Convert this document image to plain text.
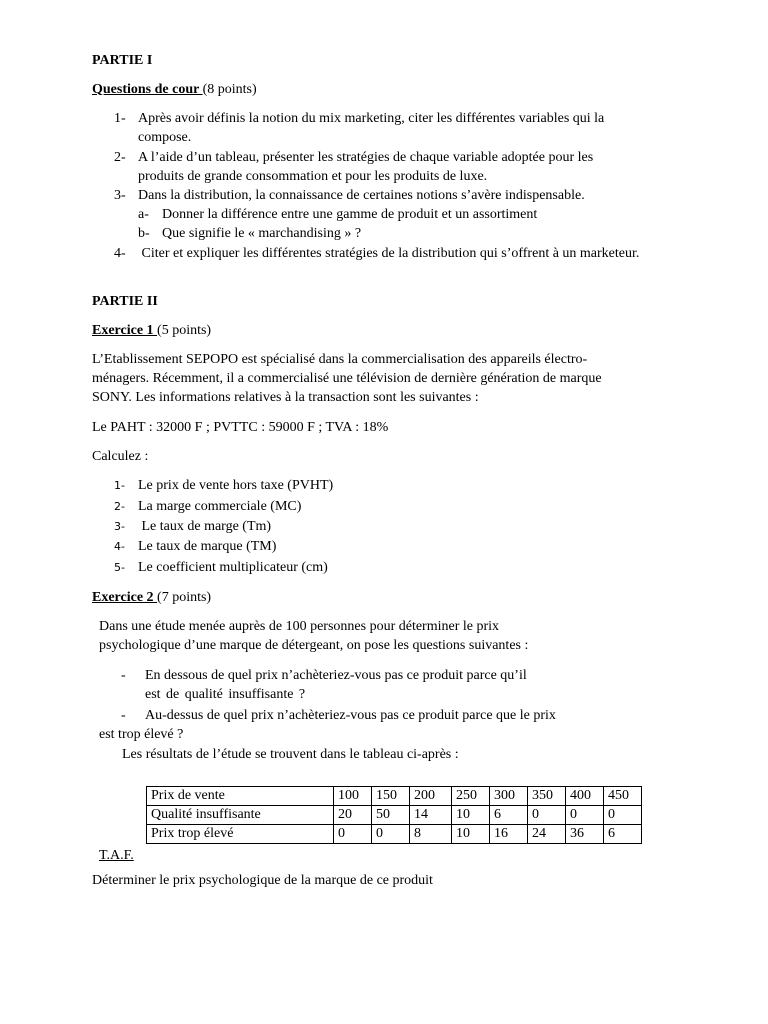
PARTIE I
Questions de cour (8 points)
1- Après avoir définis la notion du mix marketing, citer les différentes variables qui la
compose.
2- A l’aide d’un tableau, présenter les stratégies de chaque variable adoptée pour les
produits de grande consommation et pour les produits de luxe.
3- Dans la distribution, la connaissance de certaines notions s’avère indispensable.
a- Donner la différence entre une gamme de produit et un assortiment
b- Que signifie le « marchandising » ?
4- Citer et expliquer les différentes stratégies de la distribution qui s’offrent à un marketeur.
PARTIE II
Exercice 1 (5 points)
L’Etablissement SEPOPO est spécialisé dans la commercialisation des appareils électro-
ménagers. Récemment, il a commercialisé une télévision de dernière génération de marque
SONY. Les informations relatives à la transaction sont les suivantes :
Le PAHT : 32000 F ; PVTTC : 59000 F ; TVA : 18%
Calculez :
1- Le prix de vente hors taxe (PVHT)
2- La marge commerciale (MC)
3- Le taux de marge (Tm)
4- Le taux de marque (TM)
5- Le coefficient multiplicateur (cm)
Exercice 2 (7 points)
Dans une étude menée auprès de 100 personnes pour déterminer le prix
psychologique d’une marque de détergeant, on pose les questions suivantes :
- En dessous de quel prix n’achèteriez-vous pas ce produit parce qu’il
est de qualité insuffisante ?
- Au-dessus de quel prix n’achèteriez-vous pas ce produit parce que le prix
est trop élevé ?
Les résultats de l’étude se trouvent dans le tableau ci-après :
Prix de vente	100	150	200	250	300	350	400	450
Qualité insuffisante	20	50	14	10	6	0	0	0
Prix trop élevé	0	0	8	10	16	24	36	6
T.A.F.
Déterminer le prix psychologique de la marque de ce produit
